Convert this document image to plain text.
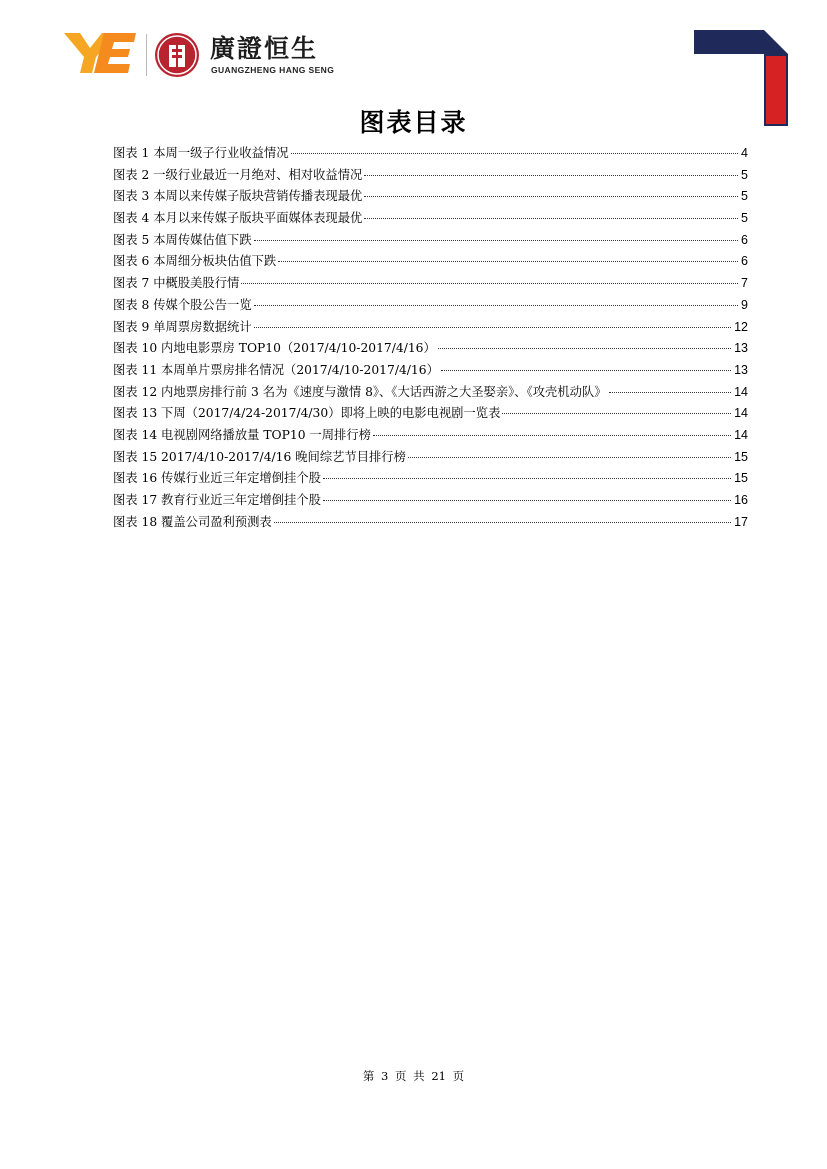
廣證恒生
GUANGZHENG HANG SENG
图表目录
图表 1 本周一级子行业收益情况	4
图表 2 一级行业最近一月绝对、相对收益情况	5
图表 3 本周以来传媒子版块营销传播表现最优	5
图表 4 本月以来传媒子版块平面媒体表现最优	5
图表 5 本周传媒估值下跌	6
图表 6 本周细分板块估值下跌	6
图表 7 中概股美股行情	7
图表 8 传媒个股公告一览	9
图表 9 单周票房数据统计	12
图表 10 内地电影票房 TOP10（2017/4/10-2017/4/16）	13
图表 11 本周单片票房排名情况（2017/4/10-2017/4/16）	13
图表 12 内地票房排行前 3 名为《速度与激情 8》、《大话西游之大圣娶亲》、《攻壳机动队》	14
图表 13 下周（2017/4/24-2017/4/30）即将上映的电影电视剧一览表	14
图表 14 电视剧网络播放量 TOP10 一周排行榜	14
图表 15 2017/4/10-2017/4/16 晚间综艺节目排行榜	15
图表 16 传媒行业近三年定增倒挂个股	15
图表 17 教育行业近三年定增倒挂个股	16
图表 18 覆盖公司盈利预测表	17
第 3 页 共 21 页
